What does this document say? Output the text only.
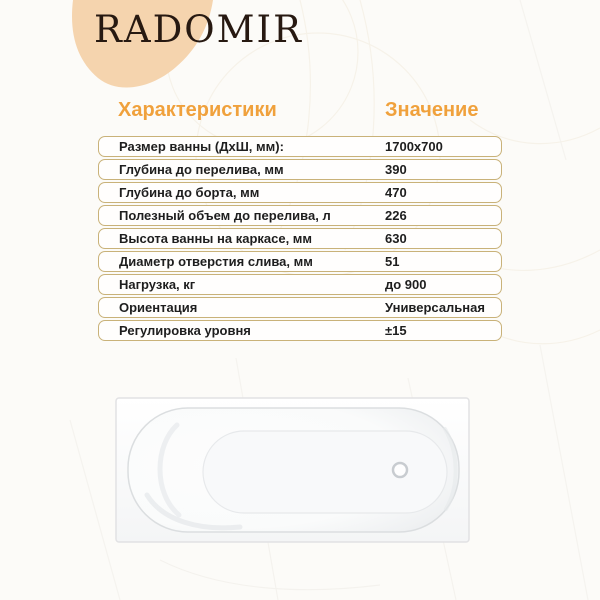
RADOMIR
Характеристики	Значение
Размер ванны (ДхШ, мм):	1700x700
Глубина до перелива, мм	390
Глубина до борта, мм	470
Полезный объем до перелива, л	226
Высота ванны на каркасе, мм	630
Диаметр отверстия слива, мм	51
Нагрузка, кг	до 900
Ориентация	Универсальная
Регулировка уровня	±15
